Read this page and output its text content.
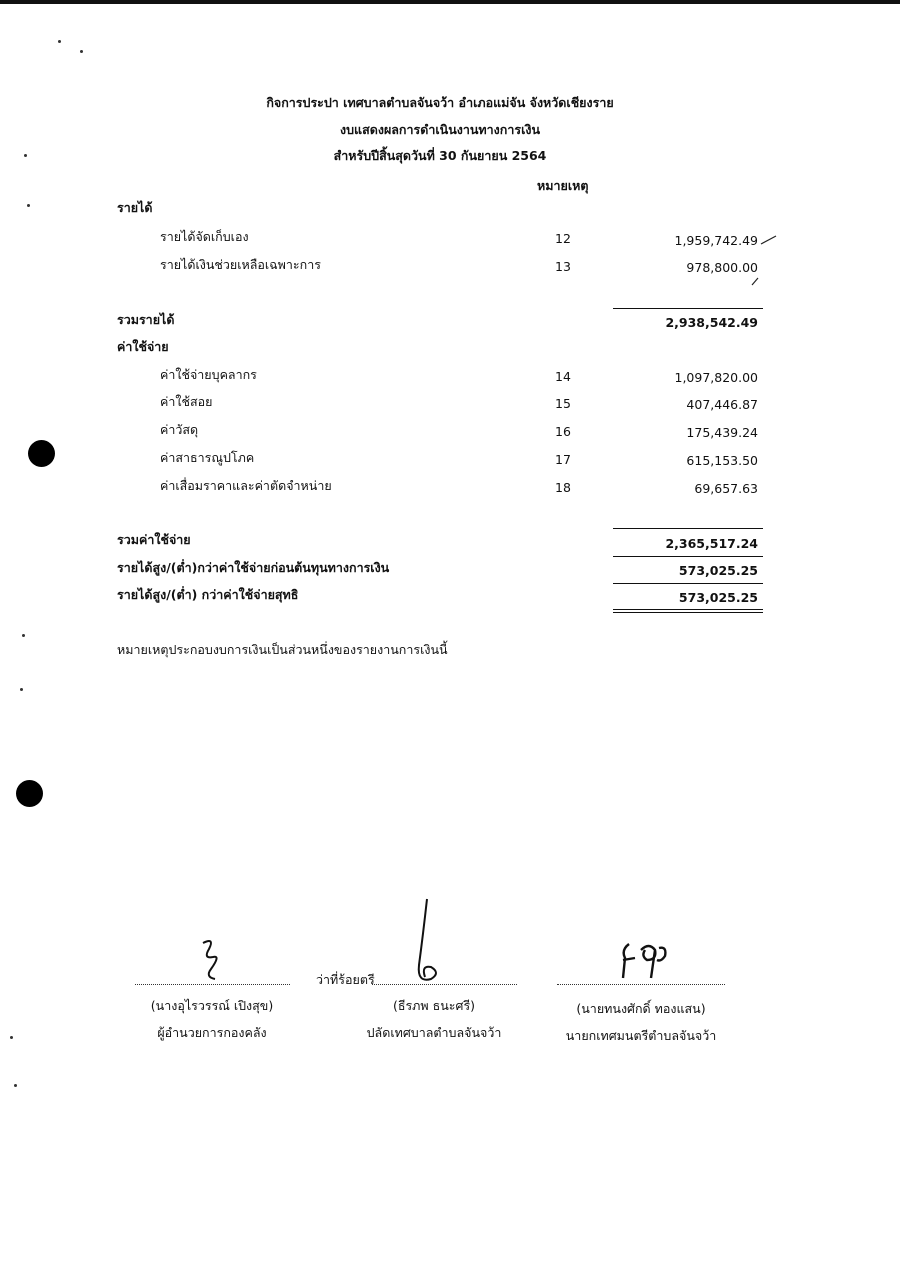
กิจการประปา เทศบาลตำบลจันจว้า อำเภอแม่จัน จังหวัดเชียงราย
งบแสดงผลการดำเนินงานทางการเงิน
สำหรับปีสิ้นสุดวันที่ 30 กันยายน 2564
หมายเหตุ
รายได้
รายได้จัดเก็บเอง	12	1,959,742.49
รายได้เงินช่วยเหลือเฉพาะการ	13	978,800.00
รวมรายได้	2,938,542.49
ค่าใช้จ่าย
ค่าใช้จ่ายบุคลากร	14	1,097,820.00
ค่าใช้สอย	15	407,446.87
ค่าวัสดุ	16	175,439.24
ค่าสาธารณูปโภค	17	615,153.50
ค่าเสื่อมราคาและค่าตัดจำหน่าย	18	69,657.63
รวมค่าใช้จ่าย	2,365,517.24
รายได้สูง/(ต่ำ)กว่าค่าใช้จ่ายก่อนต้นทุนทางการเงิน	573,025.25
รายได้สูง/(ต่ำ) กว่าค่าใช้จ่ายสุทธิ	573,025.25
หมายเหตุประกอบงบการเงินเป็นส่วนหนึ่งของรายงานการเงินนี้
(นางอุไรวรรณ์ เปิงสุข)
ผู้อำนวยการกองคลัง
ว่าที่ร้อยตรี
(ธีรภพ ธนะศรี)
ปลัดเทศบาลตำบลจันจว้า
(นายทนงศักดิ์ ทองแสน)
นายกเทศมนตรีตำบลจันจว้า
